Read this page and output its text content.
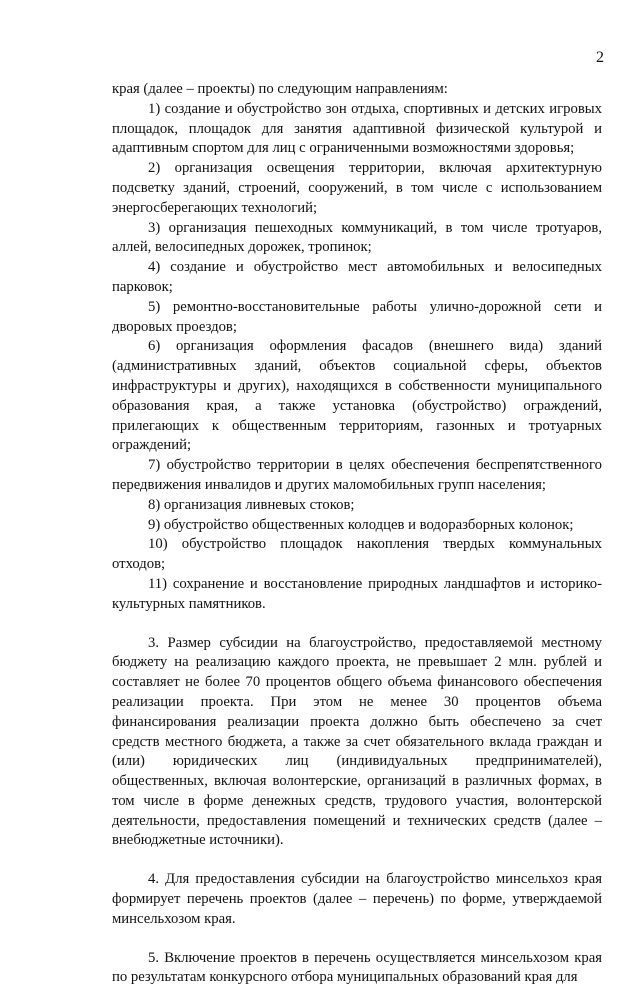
2

края (далее – проекты) по следующим направлениям:

1) создание и обустройство зон отдыха, спортивных и детских игровых площадок, площадок для занятия адаптивной физической культурой и адаптивным спортом для лиц с ограниченными возможностями здоровья;

2) организация освещения территории, включая архитектурную подсветку зданий, строений, сооружений, в том числе с использованием энергосберегающих технологий;

3) организация пешеходных коммуникаций, в том числе тротуаров, аллей, велосипедных дорожек, тропинок;

4) создание и обустройство мест автомобильных и велосипедных парковок;

5) ремонтно-восстановительные работы улично-дорожной сети и дворовых проездов;

6) организация оформления фасадов (внешнего вида) зданий (административных зданий, объектов социальной сферы, объектов инфраструктуры и других), находящихся в собственности муниципального образования края, а также установка (обустройство) ограждений, прилегающих к общественным территориям, газонных и тротуарных ограждений;

7) обустройство территории в целях обеспечения беспрепятственного передвижения инвалидов и других маломобильных групп населения;

8) организация ливневых стоков;

9) обустройство общественных колодцев и водоразборных колонок;

10) обустройство площадок накопления твердых коммунальных отходов;

11) сохранение и восстановление природных ландшафтов и историко-культурных памятников.

3. Размер субсидии на благоустройство, предоставляемой местному бюджету на реализацию каждого проекта, не превышает 2 млн. рублей и составляет не более 70 процентов общего объема финансового обеспечения реализации проекта. При этом не менее 30 процентов объема финансирования реализации проекта должно быть обеспечено за счет средств местного бюджета, а также за счет обязательного вклада граждан и (или) юридических лиц (индивидуальных предпринимателей), общественных, включая волонтерские, организаций в различных формах, в том числе в форме денежных средств, трудового участия, волонтерской деятельности, предоставления помещений и технических средств (далее – внебюджетные источники).

4. Для предоставления субсидии на благоустройство минсельхоз края формирует перечень проектов (далее – перечень) по форме, утверждаемой минсельхозом края.

5. Включение проектов в перечень осуществляется минсельхозом края по результатам конкурсного отбора муниципальных образований края для
